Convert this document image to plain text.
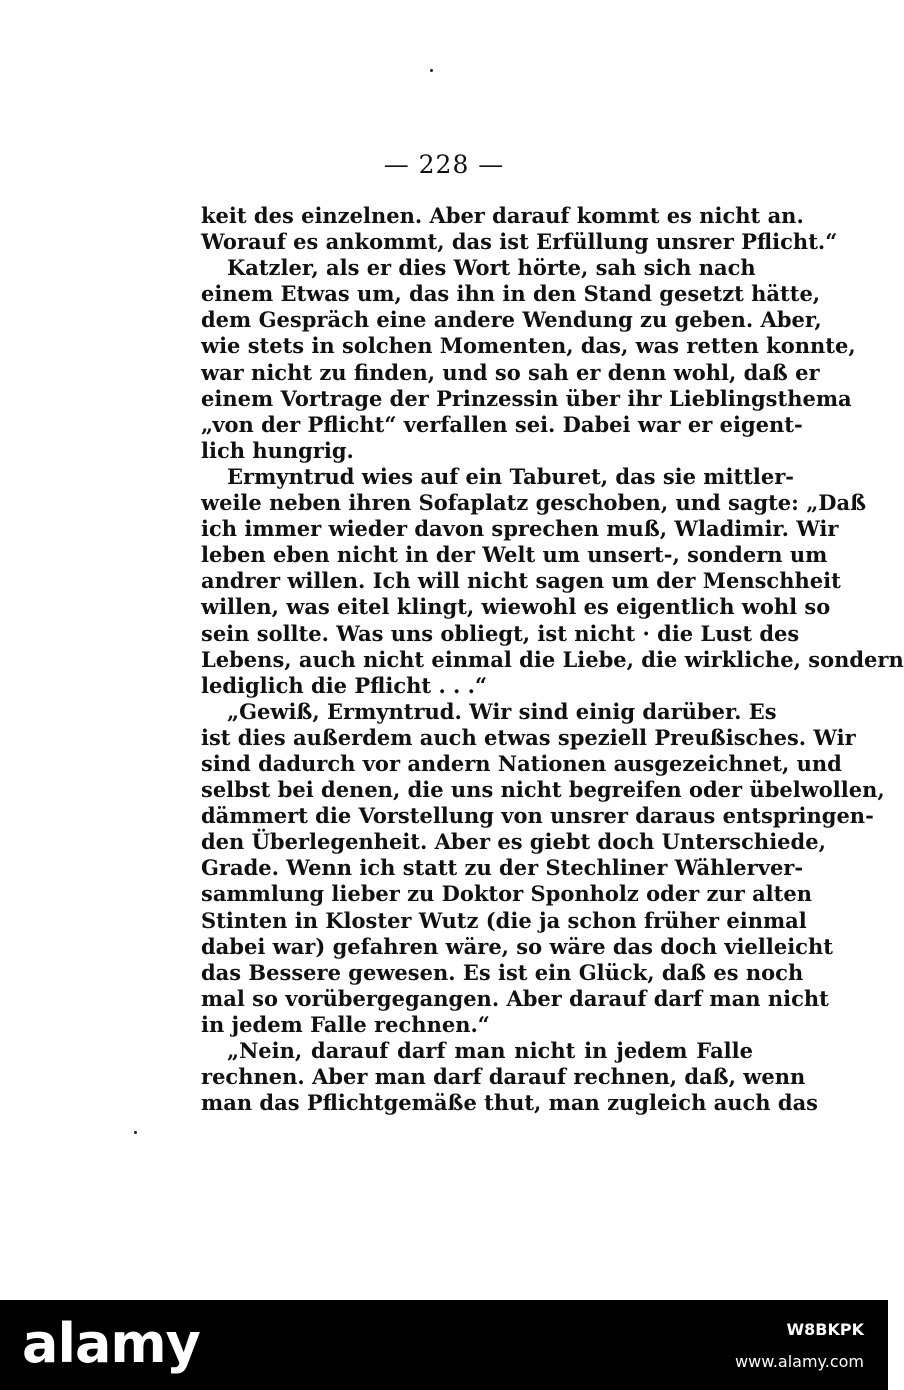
— 228 —
keit des einzelnen. Aber darauf kommt es nicht an.
Worauf es ankommt, das ist Erfüllung unsrer Pflicht.“
Katzler, als er dies Wort hörte, sah sich nach
einem Etwas um, das ihn in den Stand gesetzt hätte,
dem Gespräch eine andere Wendung zu geben. Aber,
wie stets in solchen Momenten, das, was retten konnte,
war nicht zu finden, und so sah er denn wohl, daß er
einem Vortrage der Prinzessin über ihr Lieblingsthema
„von der Pflicht“ verfallen sei. Dabei war er eigent-
lich hungrig.
Ermyntrud wies auf ein Taburet, das sie mittler-
weile neben ihren Sofaplatz geschoben, und sagte: „Daß
ich immer wieder davon sprechen muß, Wladimir. Wir
leben eben nicht in der Welt um unsert-, sondern um
andrer willen. Ich will nicht sagen um der Menschheit
willen, was eitel klingt, wiewohl es eigentlich wohl so
sein sollte. Was uns obliegt, ist nicht · die Lust des
Lebens, auch nicht einmal die Liebe, die wirkliche, sondern
lediglich die Pflicht . . .“
„Gewiß, Ermyntrud. Wir sind einig darüber. Es
ist dies außerdem auch etwas speziell Preußisches. Wir
sind dadurch vor andern Nationen ausgezeichnet, und
selbst bei denen, die uns nicht begreifen oder übelwollen,
dämmert die Vorstellung von unsrer daraus entspringen-
den Überlegenheit. Aber es giebt doch Unterschiede,
Grade. Wenn ich statt zu der Stechliner Wählerver-
sammlung lieber zu Doktor Sponholz oder zur alten
Stinten in Kloster Wutz (die ja schon früher einmal
dabei war) gefahren wäre, so wäre das doch vielleicht
das Bessere gewesen. Es ist ein Glück, daß es noch
mal so vorübergegangen. Aber darauf darf man nicht
in jedem Falle rechnen.“
„Nein, darauf darf man nicht in jedem Falle
rechnen. Aber man darf darauf rechnen, daß, wenn
man das Pflichtgemäße thut, man zugleich auch das
alamy	W8BKPK
www.alamy.com
